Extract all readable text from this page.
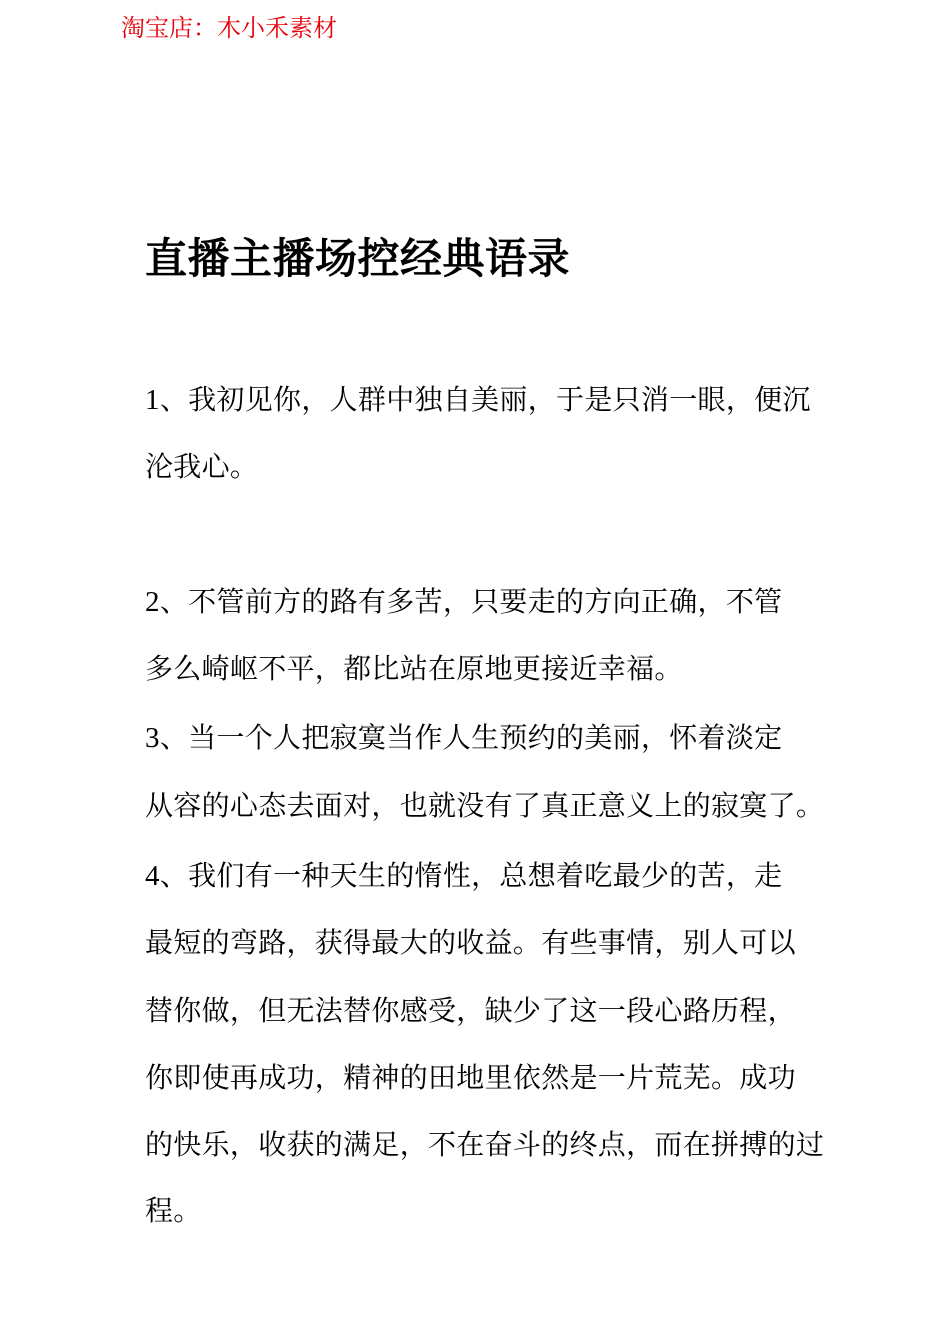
淘宝店：木小禾素材
直播主播场控经典语录
1、我初见你，人群中独自美丽，于是只消一眼，便沉
沦我心。
2、不管前方的路有多苦，只要走的方向正确，不管
多么崎岖不平，都比站在原地更接近幸福。
3、当一个人把寂寞当作人生预约的美丽，怀着淡定
从容的心态去面对，也就没有了真正意义上的寂寞了。
4、我们有一种天生的惰性，总想着吃最少的苦，走
最短的弯路，获得最大的收益。有些事情，别人可以
替你做，但无法替你感受，缺少了这一段心路历程，
你即使再成功，精神的田地里依然是一片荒芜。成功
的快乐，收获的满足，不在奋斗的终点，而在拼搏的过
程。
